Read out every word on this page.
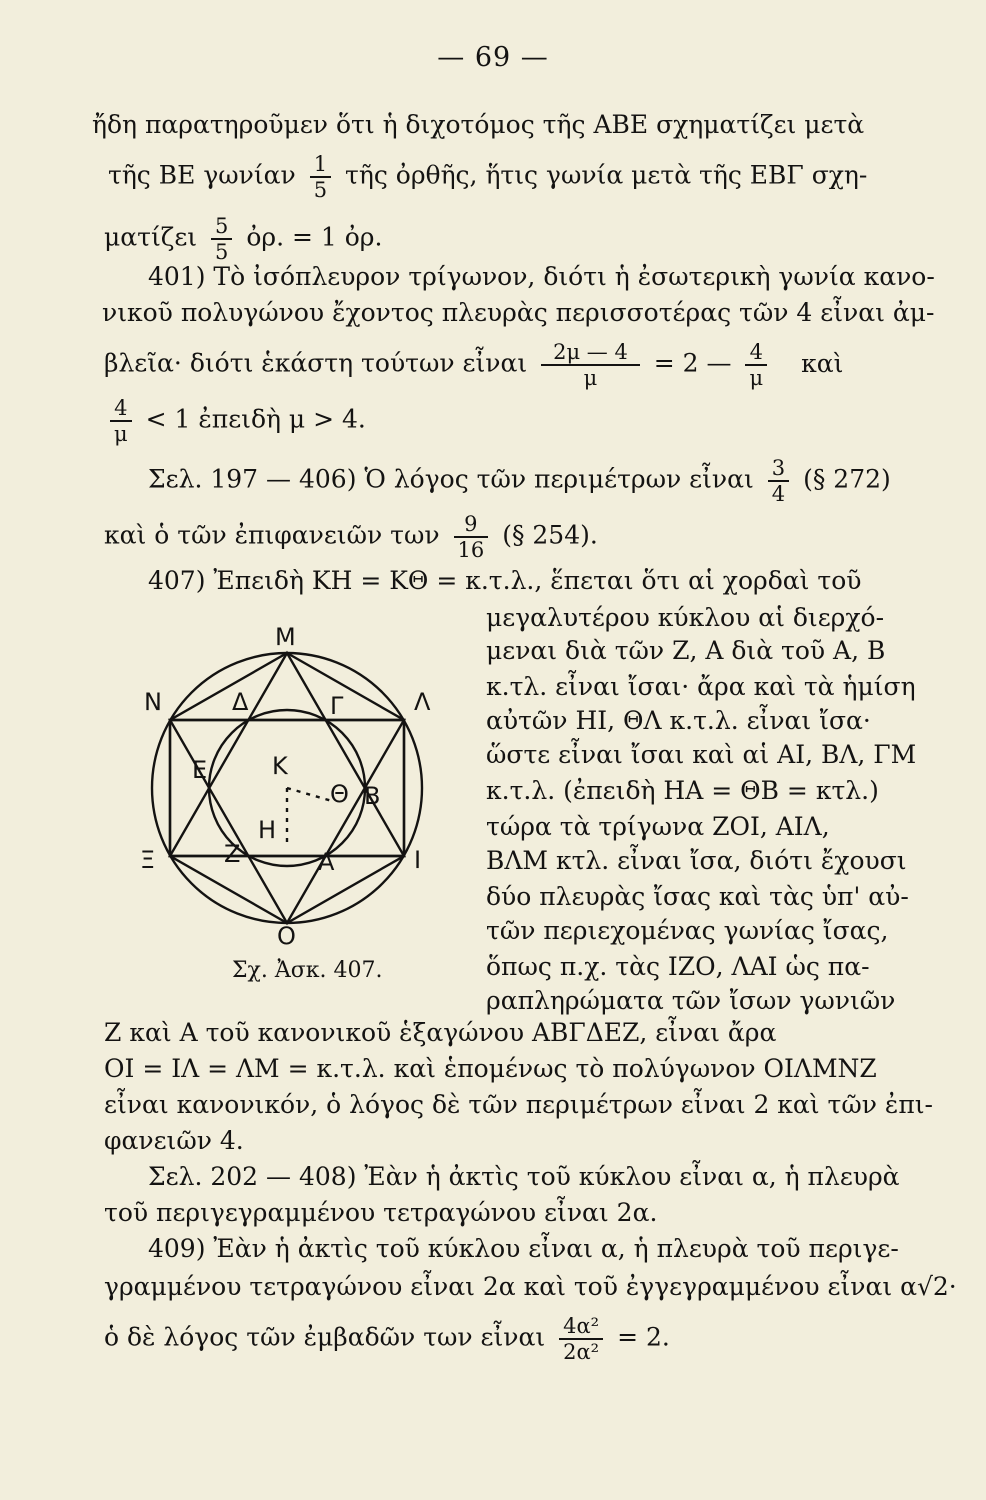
— 69 —
ἤδη παρατηροῦμεν ὅτι ἡ διχοτόμος τῆς ΑΒΕ σχηματίζει μετὰ
τῆς ΒΕ γωνίαν $\frac{1}{5}$ τῆς ὀρθῆς, ἥτις γωνία μετὰ τῆς ΕΒΓ σχη-
ματίζει $\frac{5}{5}$ ὀρ. = 1 ὀρ.
401) Τὸ ἰσόπλευρον τρίγωνον, διότι ἡ ἐσωτερικὴ γωνία κανο-
νικοῦ πολυγώνου ἔχοντος πλευρὰς περισσοτέρας τῶν 4 εἶναι ἀμ-
βλεῖα· διότι ἑκάστη τούτων εἶναι $\frac{2\mu — 4}{\mu} = 2$ — $\frac{4}{\mu}$ καὶ
$\frac{4}{\mu} < 1$ ἐπειδὴ μ > 4.
Σελ. 197 — 406) Ὁ λόγος τῶν περιμέτρων εἶναι $\frac{3}{4}$ (§ 272)
καὶ ὁ τῶν ἐπιφανειῶν των $\frac{9}{16}$ (§ 254).
407) Ἐπειδὴ ΚΗ = ΚΘ = κ.τ.λ., ἕπεται ὅτι αἱ χορδαὶ τοῦ
μεγαλυτέρου κύκλου αἱ διερχό-
μεναι διὰ τῶν Ζ, Α διὰ τοῦ Α, Β
κ.τλ. εἶναι ἴσαι· ἄρα καὶ τὰ ἡμίση
αὐτῶν ΗΙ, ΘΛ κ.τ.λ. εἶναι ἴσα·
ὥστε εἶναι ἴσαι καὶ αἱ ΑΙ, ΒΛ, ΓΜ
κ.τ.λ. (ἐπειδὴ ΗΑ = ΘΒ = κτλ.)
τώρα τὰ τρίγωνα ΖΟΙ, ΑΙΛ,
ΒΛΜ κτλ. εἶναι ἴσα, διότι ἔχουσι
δύο πλευρὰς ἴσας καὶ τὰς ὑπ' αὐ-
τῶν περιεχομένας γωνίας ἴσας,
ὅπως π.χ. τὰς ΙΖΟ, ΛΑΙ ὡς πα-
ραπληρώματα τῶν ἴσων γωνιῶν
Μ
Ν	Λ
Δ	Γ
Ε	Κ
Θ Β
Η
Ζ	Α
Ξ	Ι
Ο
Σχ. Ἀσκ. 407.
Ζ καὶ Α τοῦ κανονικοῦ ἑξαγώνου ΑΒΓΔΕΖ, εἶναι ἄρα
ΟΙ = ΙΛ = ΛΜ = κ.τ.λ. καὶ ἑπομένως τὸ πολύγωνον ΟΙΛΜΝΖ
εἶναι κανονικόν, ὁ λόγος δὲ τῶν περιμέτρων εἶναι 2 καὶ τῶν ἐπι-
φανειῶν 4.
Σελ. 202 — 408) Ἐὰν ἡ ἀκτὶς τοῦ κύκλου εἶναι α, ἡ πλευρὰ
τοῦ περιγεγραμμένου τετραγώνου εἶναι 2α.
409) Ἐὰν ἡ ἀκτὶς τοῦ κύκλου εἶναι α, ἡ πλευρὰ τοῦ περιγε-
γραμμένου τετραγώνου εἶναι 2α καὶ τοῦ ἐγγεγραμμένου εἶναι α√2·
ὁ δὲ λόγος τῶν ἐμβαδῶν των εἶναι $\frac{\text{4α²}}{\text{2α²}} = 2$.
